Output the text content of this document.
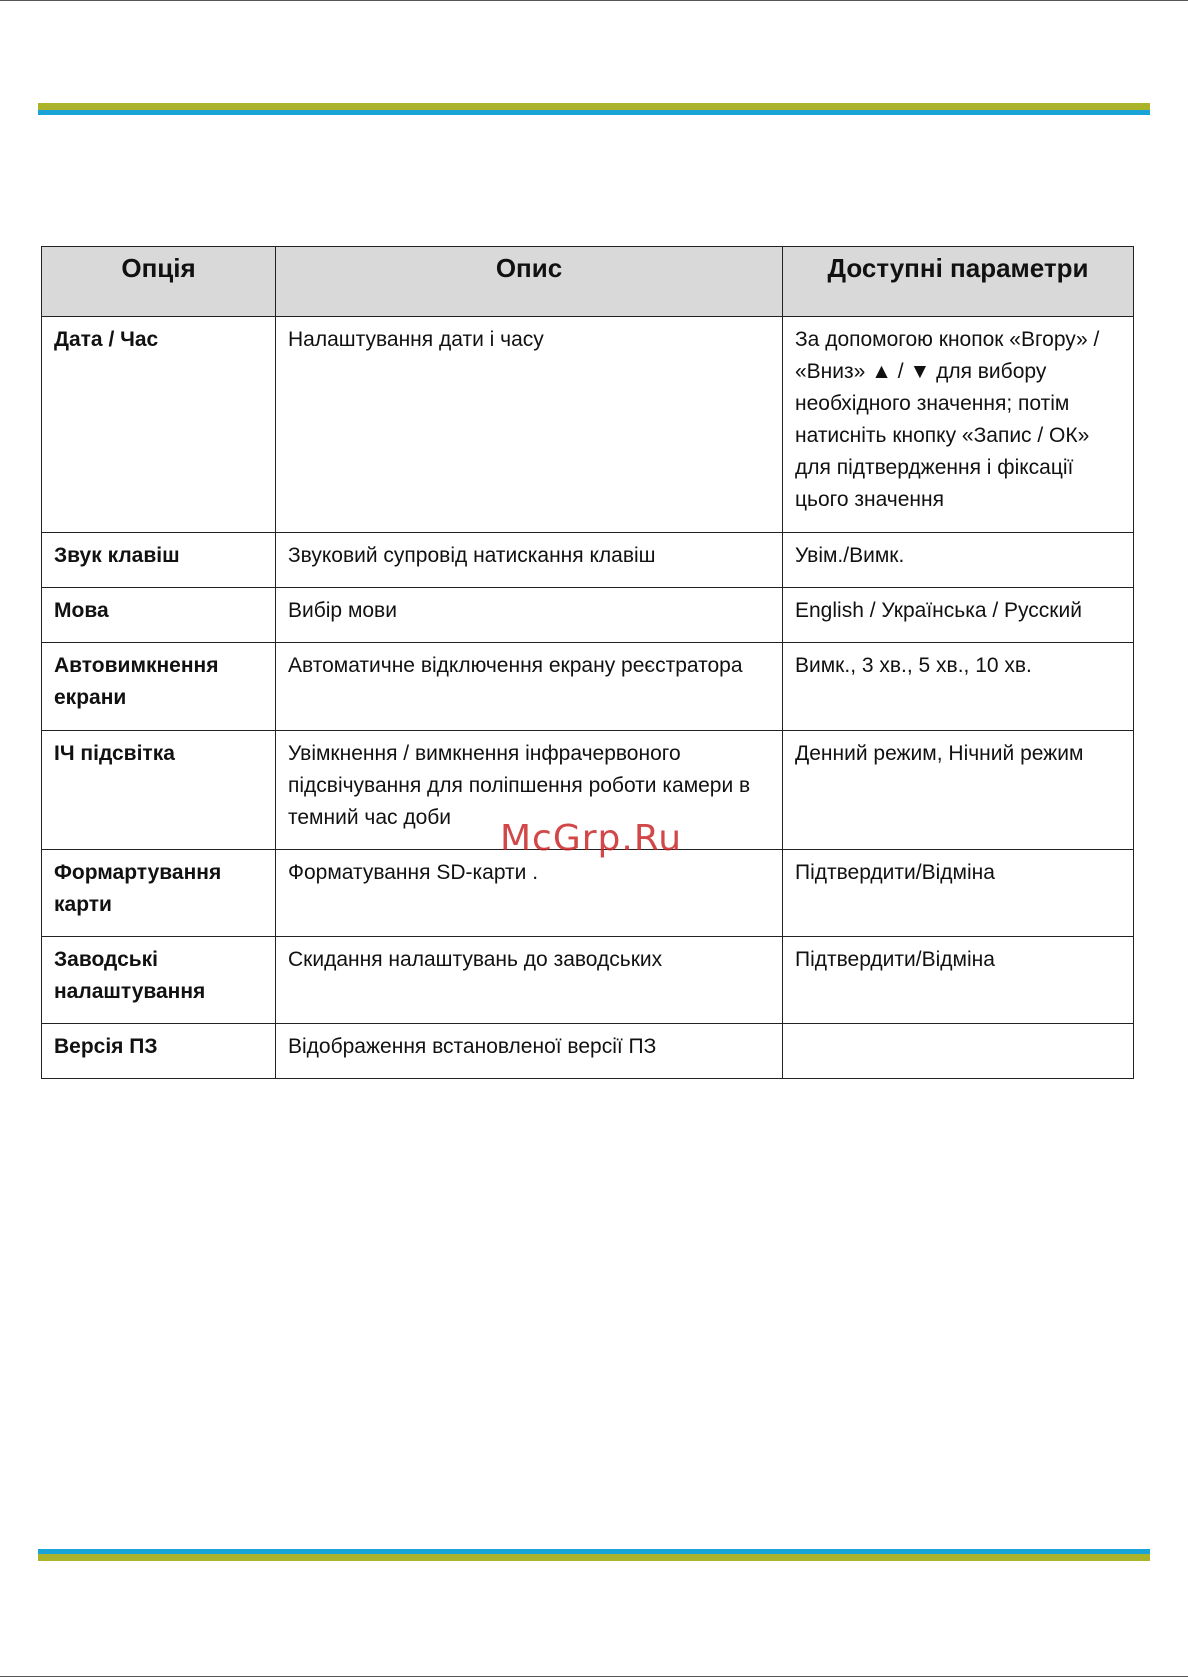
Опція	Опис	Доступні параметри
Дата / Час	Налаштування дати і часу	За допомогою кнопок «Вгору» / «Вниз» ▲ / ▼ для вибору необхідного значення; потім натисніть кнопку «Запис / ОК» для підтвердження і фіксації цього значення
Звук клавіш	Звуковий супровід натискання клавіш	Увім./Вимк.
Мова	Вибір мови	English / Українська / Русский
Автовимкнення екрани	Автоматичне відключення екрану реєстратора	Вимк., 3 хв., 5 хв., 10 хв.
ІЧ підсвітка	Увімкнення / вимкнення інфрачервоного підсвічування для поліпшення роботи камери в темний час доби	Денний режим, Нічний режим
Формартування карти	Форматування SD-карти .	Підтвердити/Відміна
Заводські налаштування	Скидання налаштувань до заводських	Підтвердити/Відміна
Версія ПЗ	Відображення встановленої версії ПЗ	
McGrp.Ru
